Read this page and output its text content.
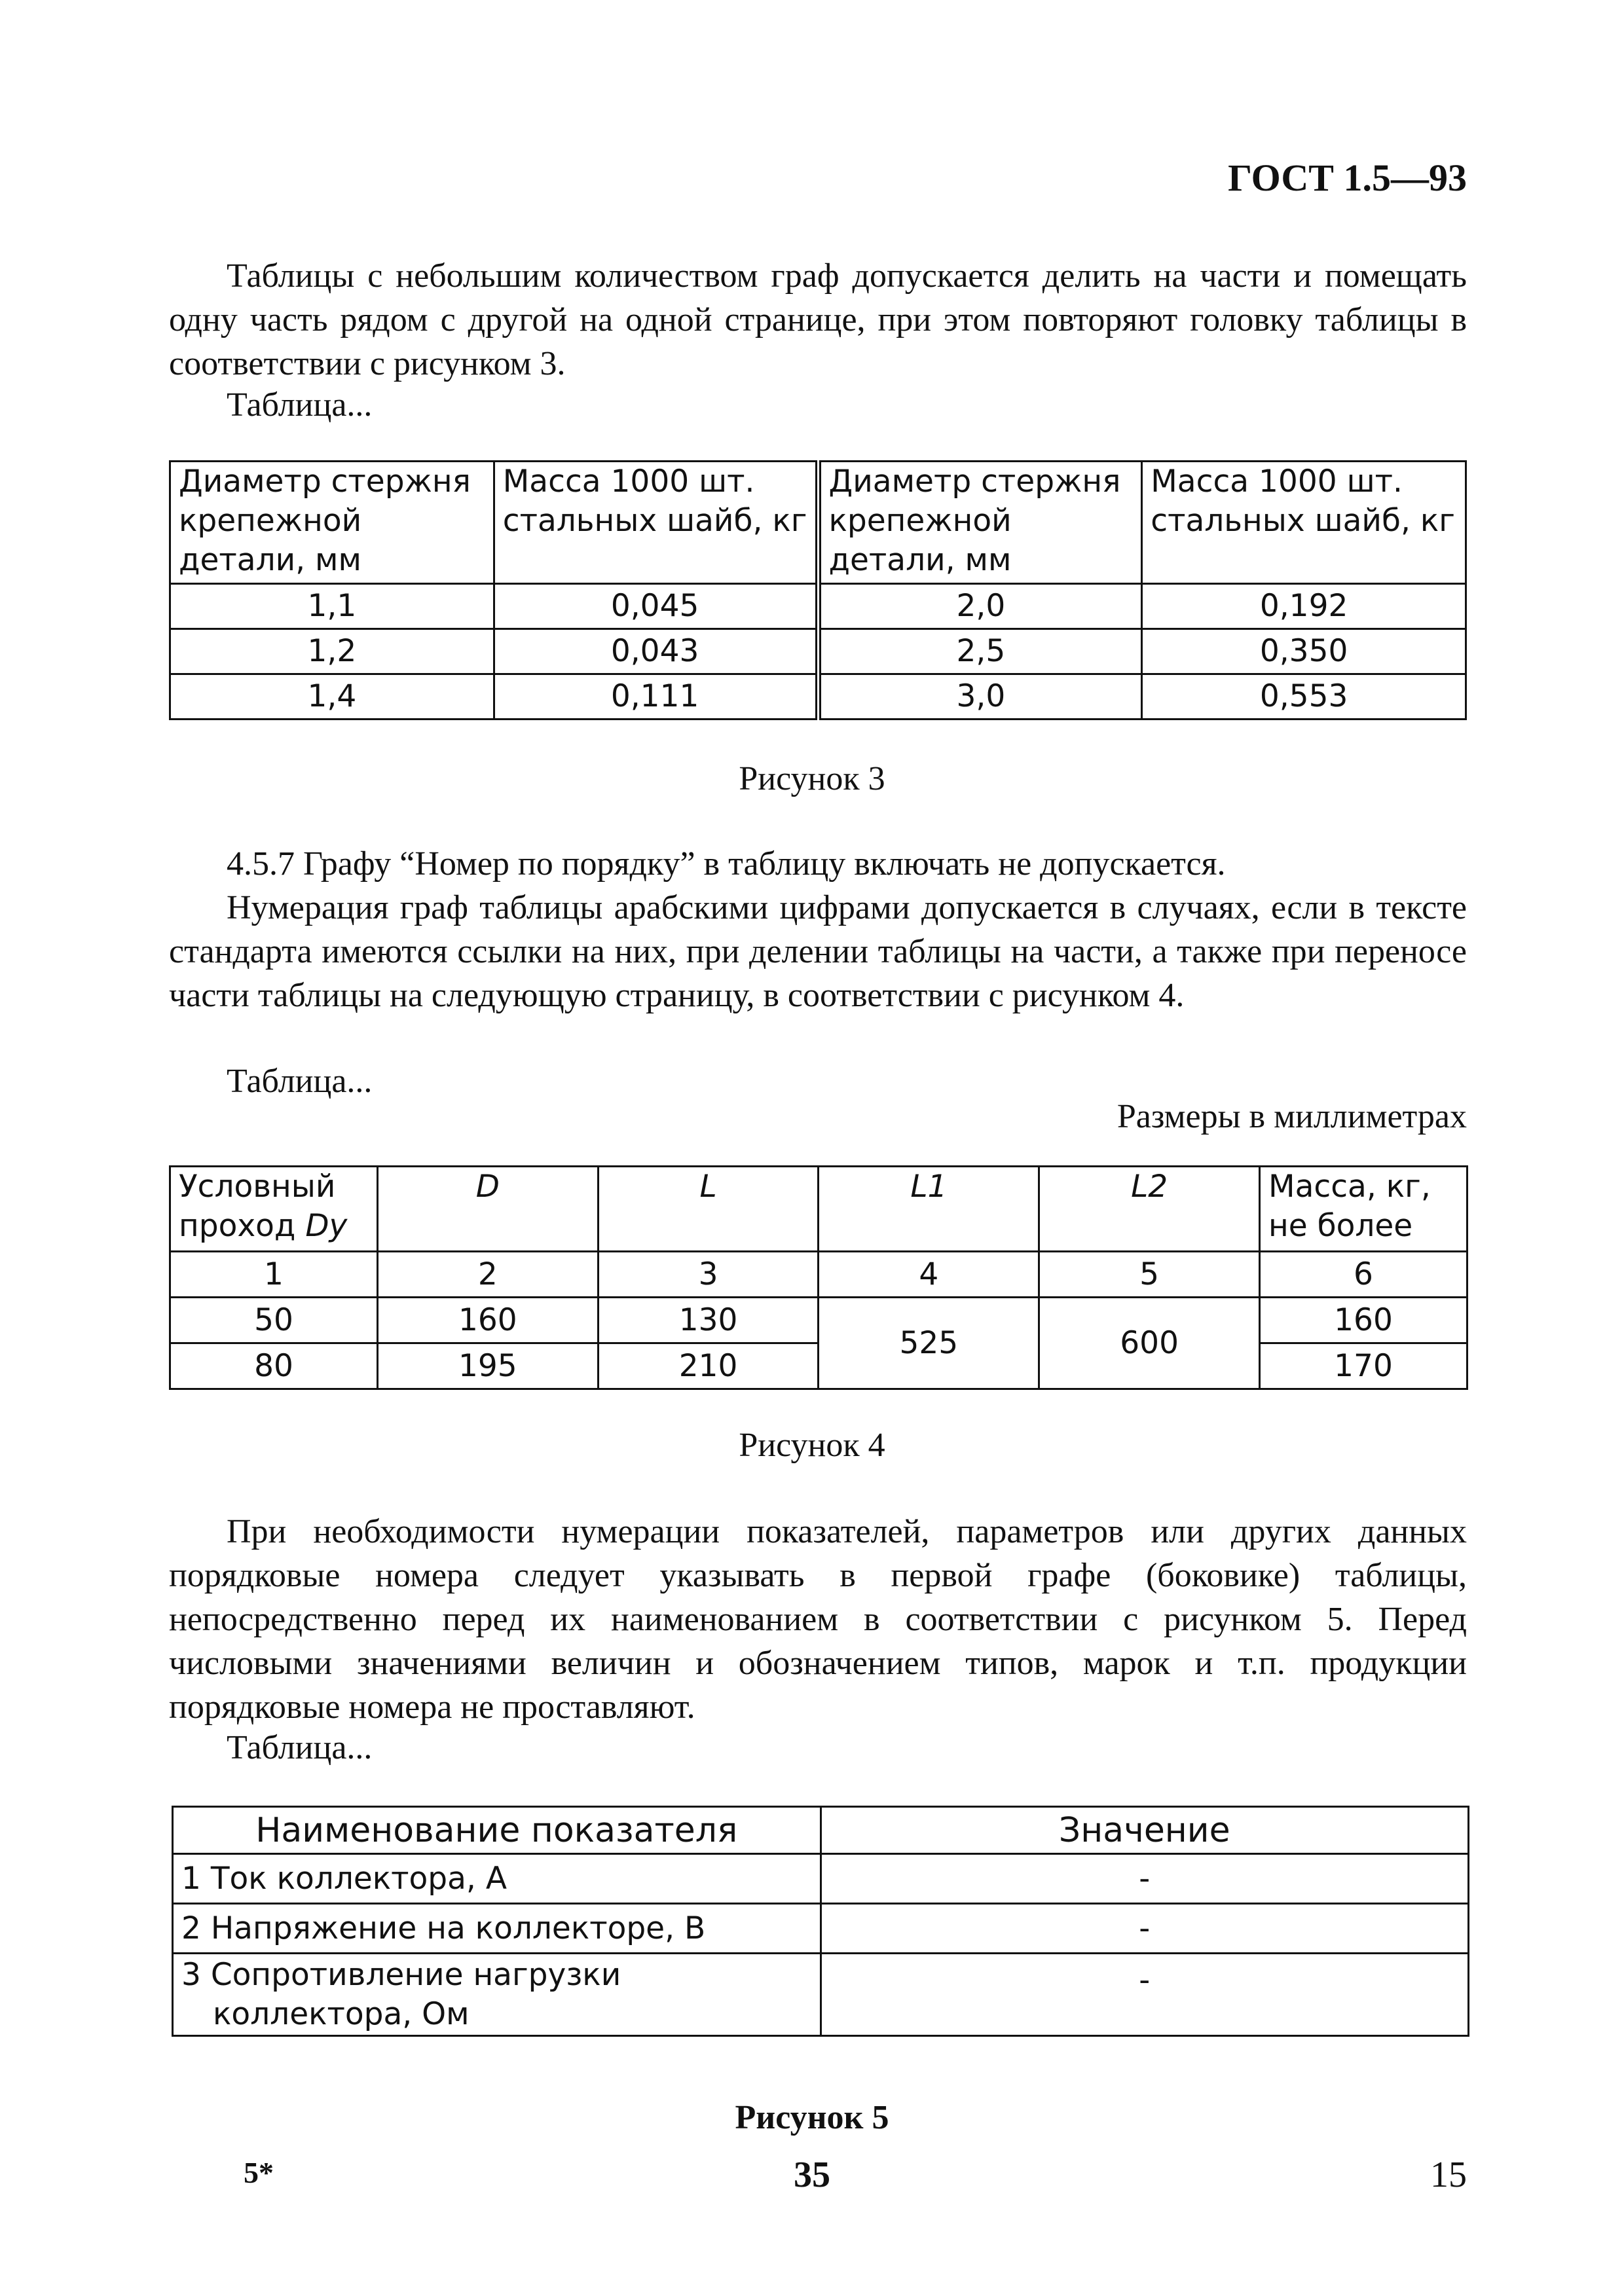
ГОСТ 1.5—93
Таблицы с небольшим количеством граф допускается делить на части и помещать одну часть рядом с другой на одной странице, при этом повторяют головку таблицы в соответствии с рисунком 3.
Таблица...
Диаметр стержня крепежной детали, мм	Масса 1000 шт. стальных шайб, кг	Диаметр стержня крепежной детали, мм	Масса 1000 шт. стальных шайб, кг
1,1	0,045	2,0	0,192
1,2	0,043	2,5	0,350
1,4	0,111	3,0	0,553
Рисунок 3
4.5.7 Графу “Номер по порядку” в таблицу включать не допускается.
Нумерация граф таблицы арабскими цифрами допускается в случаях, если в тексте стандарта имеются ссылки на них, при делении таблицы на части, а также при переносе части таблицы на следующую страницу, в соответствии с рисунком 4.
Таблица...
Размеры в миллиметрах
Условный проход Dy	D	L	L1	L2	Масса, кг, не более
1	2	3	4	5	6
50	160	130	525	600	160
80	195	210			170
Рисунок 4
При необходимости нумерации показателей, параметров или других данных порядковые номера следует указывать в первой графе (боковике) таблицы, непосредственно перед их наименованием в соответствии с рисунком 5. Перед числовыми значениями величин и обозначением типов, марок и т.п. продукции порядковые номера не проставляют.
Таблица...
Наименование показателя	Значение
1 Ток коллектора, А	-
2 Напряжение на коллекторе, В	-
3 Сопротивление нагрузки коллектора, Ом	-
Рисунок 5
5*	35	15
